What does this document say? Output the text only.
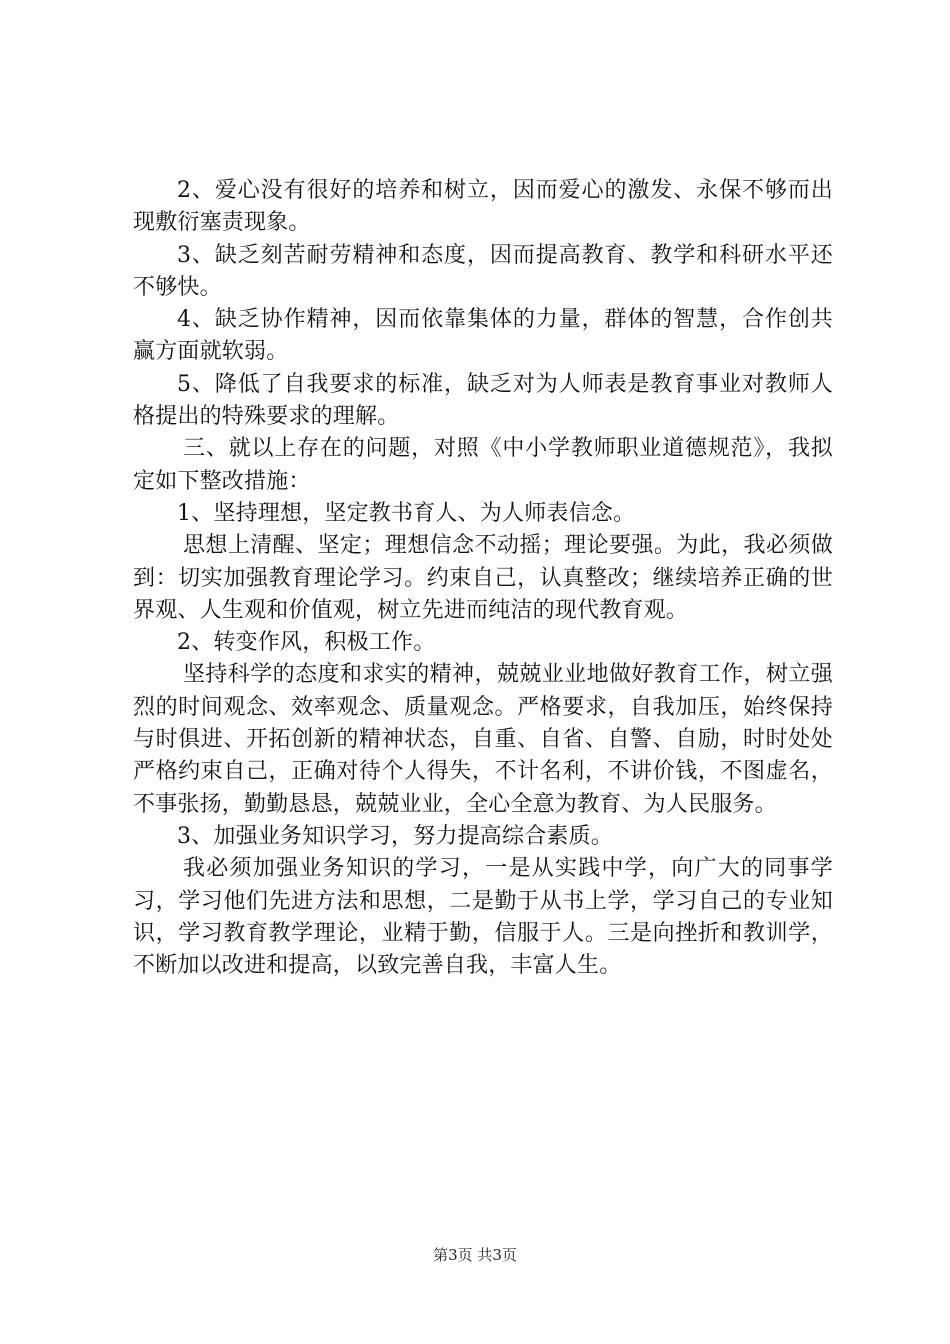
2、爱心没有很好的培养和树立，因而爱心的激发、永保不够而出现敷衍塞责现象。

3、缺乏刻苦耐劳精神和态度，因而提高教育、教学和科研水平还不够快。

4、缺乏协作精神，因而依靠集体的力量，群体的智慧，合作创共赢方面就软弱。

5、降低了自我要求的标准，缺乏对为人师表是教育事业对教师人格提出的特殊要求的理解。

三、就以上存在的问题，对照《中小学教师职业道德规范》，我拟定如下整改措施：

1、坚持理想，坚定教书育人、为人师表信念。

思想上清醒、坚定；理想信念不动摇；理论要强。为此，我必须做到：切实加强教育理论学习。约束自己，认真整改；继续培养正确的世界观、人生观和价值观，树立先进而纯洁的现代教育观。

2、转变作风，积极工作。

坚持科学的态度和求实的精神，兢兢业业地做好教育工作，树立强烈的时间观念、效率观念、质量观念。严格要求，自我加压，始终保持与时俱进、开拓创新的精神状态，自重、自省、自警、自励，时时处处严格约束自己，正确对待个人得失，不计名利，不讲价钱，不图虚名，不事张扬，勤勤恳恳，兢兢业业，全心全意为教育、为人民服务。

3、加强业务知识学习，努力提高综合素质。

我必须加强业务知识的学习，一是从实践中学，向广大的同事学习，学习他们先进方法和思想，二是勤于从书上学，学习自己的专业知识，学习教育教学理论，业精于勤，信服于人。三是向挫折和教训学，不断加以改进和提高，以致完善自我，丰富人生。

第3页 共3页
